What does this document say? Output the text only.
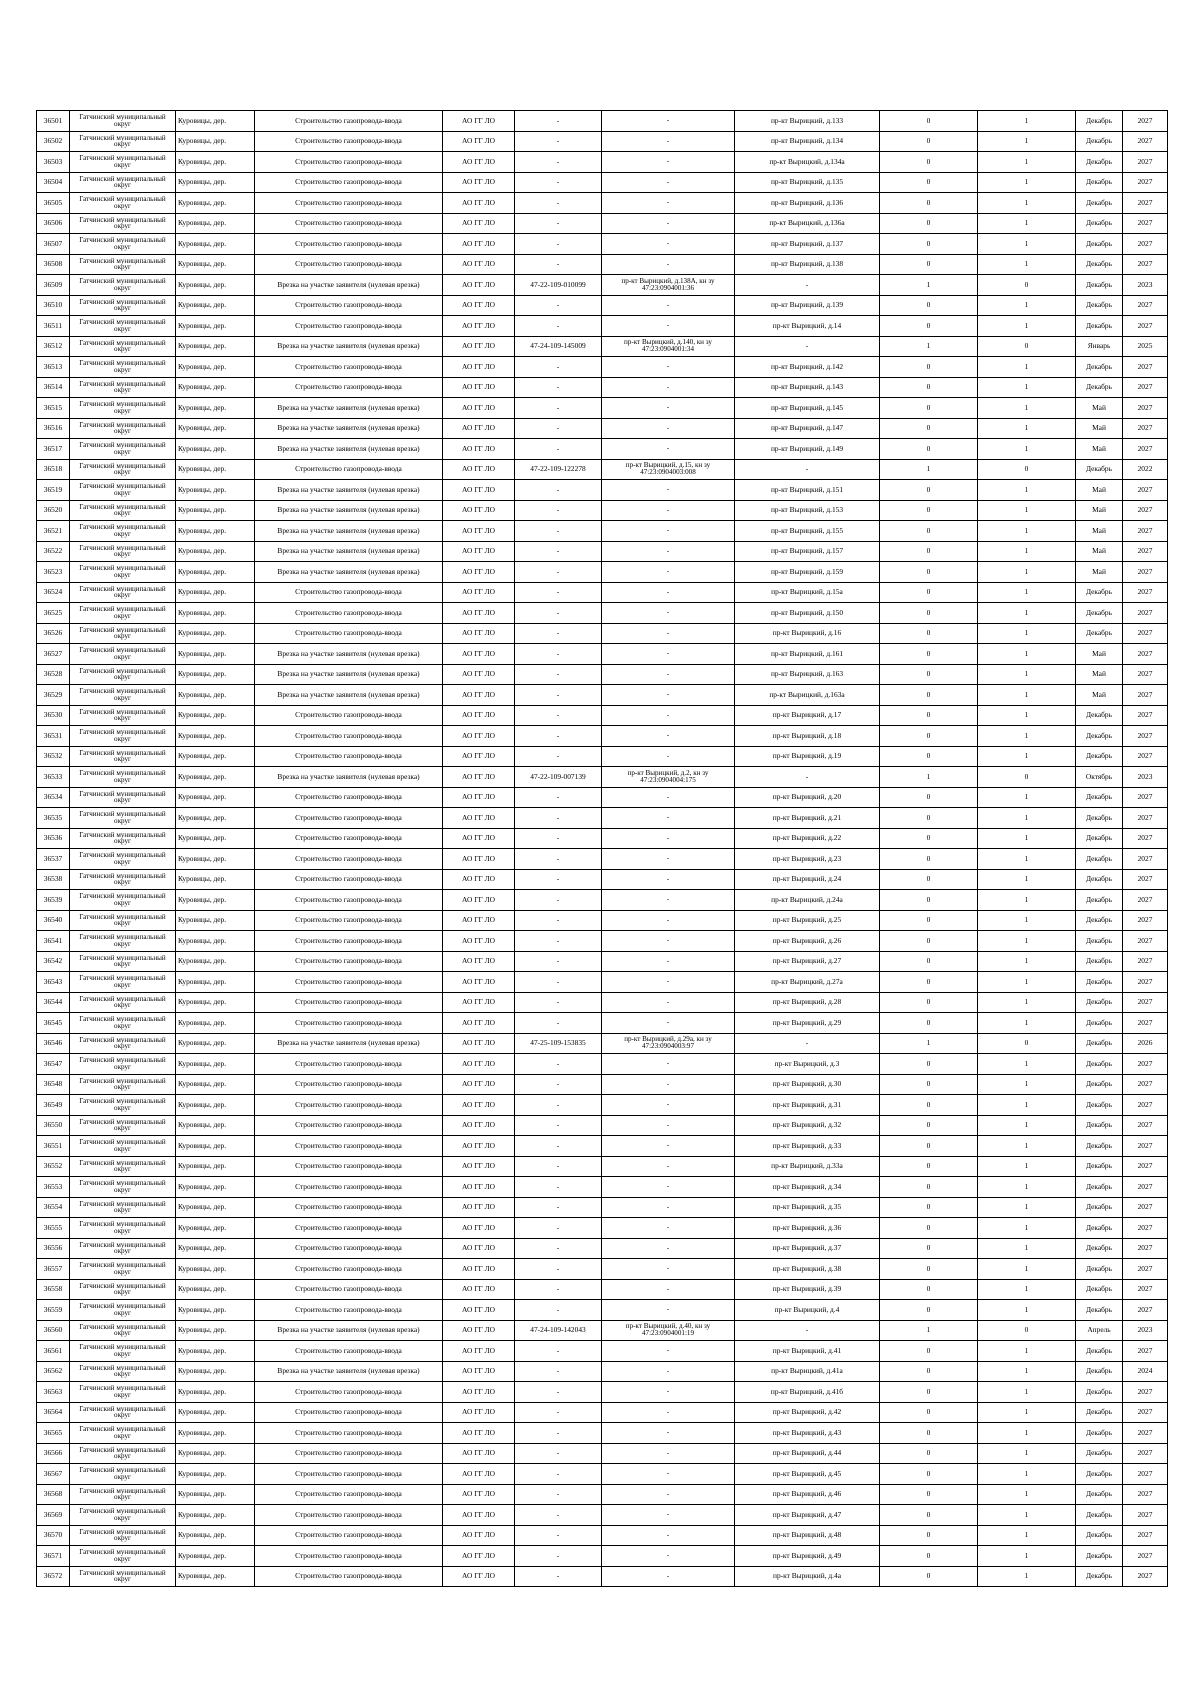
36501	Гатчинский муниципальный округ	Куровицы, дер.	Строительство газопровода-ввода	АО ГГ ЛО	-	-	пр-кт Вырицкий, д.133	0	1	Декабрь	2027
36502	Гатчинский муниципальный округ	Куровицы, дер.	Строительство газопровода-ввода	АО ГГ ЛО	-	-	пр-кт Вырицкий, д.134	0	1	Декабрь	2027
36503	Гатчинский муниципальный округ	Куровицы, дер.	Строительство газопровода-ввода	АО ГГ ЛО	-	-	пр-кт Вырицкий, д.134а	0	1	Декабрь	2027
36504	Гатчинский муниципальный округ	Куровицы, дер.	Строительство газопровода-ввода	АО ГГ ЛО	-	-	пр-кт Вырицкий, д.135	0	1	Декабрь	2027
36505	Гатчинский муниципальный округ	Куровицы, дер.	Строительство газопровода-ввода	АО ГГ ЛО	-	-	пр-кт Вырицкий, д.136	0	1	Декабрь	2027
36506	Гатчинский муниципальный округ	Куровицы, дер.	Строительство газопровода-ввода	АО ГГ ЛО	-	-	пр-кт Вырицкий, д.136а	0	1	Декабрь	2027
36507	Гатчинский муниципальный округ	Куровицы, дер.	Строительство газопровода-ввода	АО ГГ ЛО	-	-	пр-кт Вырицкий, д.137	0	1	Декабрь	2027
36508	Гатчинский муниципальный округ	Куровицы, дер.	Строительство газопровода-ввода	АО ГГ ЛО	-	-	пр-кт Вырицкий, д.138	0	1	Декабрь	2027
36509	Гатчинский муниципальный округ	Куровицы, дер.	Врезка на участке заявителя (нулевая врезка)	АО ГГ ЛО	47-22-109-010099	пр-кт Вырицкий, д.138А, кн зу 47:23:0904001:36	-	1	0	Декабрь	2023
36510	Гатчинский муниципальный округ	Куровицы, дер.	Строительство газопровода-ввода	АО ГГ ЛО	-	-	пр-кт Вырицкий, д.139	0	1	Декабрь	2027
36511	Гатчинский муниципальный округ	Куровицы, дер.	Строительство газопровода-ввода	АО ГГ ЛО	-	-	пр-кт Вырицкий, д.14	0	1	Декабрь	2027
36512	Гатчинский муниципальный округ	Куровицы, дер.	Врезка на участке заявителя (нулевая врезка)	АО ГГ ЛО	47-24-109-145009	пр-кт Вырицкий, д.140, кн зу 47:23:0904001:34	-	1	0	Январь	2025
36513	Гатчинский муниципальный округ	Куровицы, дер.	Строительство газопровода-ввода	АО ГГ ЛО	-	-	пр-кт Вырицкий, д.142	0	1	Декабрь	2027
36514	Гатчинский муниципальный округ	Куровицы, дер.	Строительство газопровода-ввода	АО ГГ ЛО	-	-	пр-кт Вырицкий, д.143	0	1	Декабрь	2027
36515	Гатчинский муниципальный округ	Куровицы, дер.	Врезка на участке заявителя (нулевая врезка)	АО ГГ ЛО	-	-	пр-кт Вырицкий, д.145	0	1	Май	2027
36516	Гатчинский муниципальный округ	Куровицы, дер.	Врезка на участке заявителя (нулевая врезка)	АО ГГ ЛО	-	-	пр-кт Вырицкий, д.147	0	1	Май	2027
36517	Гатчинский муниципальный округ	Куровицы, дер.	Врезка на участке заявителя (нулевая врезка)	АО ГГ ЛО	-	-	пр-кт Вырицкий, д.149	0	1	Май	2027
36518	Гатчинский муниципальный округ	Куровицы, дер.	Строительство газопровода-ввода	АО ГГ ЛО	47-22-109-122278	пр-кт Вырицкий, д.15, кн зу 47:23:0904003:008	-	1	0	Декабрь	2022
36519	Гатчинский муниципальный округ	Куровицы, дер.	Врезка на участке заявителя (нулевая врезка)	АО ГГ ЛО	-	-	пр-кт Вырицкий, д.151	0	1	Май	2027
36520	Гатчинский муниципальный округ	Куровицы, дер.	Врезка на участке заявителя (нулевая врезка)	АО ГГ ЛО	-	-	пр-кт Вырицкий, д.153	0	1	Май	2027
36521	Гатчинский муниципальный округ	Куровицы, дер.	Врезка на участке заявителя (нулевая врезка)	АО ГГ ЛО	-	-	пр-кт Вырицкий, д.155	0	1	Май	2027
36522	Гатчинский муниципальный округ	Куровицы, дер.	Врезка на участке заявителя (нулевая врезка)	АО ГГ ЛО	-	-	пр-кт Вырицкий, д.157	0	1	Май	2027
36523	Гатчинский муниципальный округ	Куровицы, дер.	Врезка на участке заявителя (нулевая врезка)	АО ГГ ЛО	-	-	пр-кт Вырицкий, д.159	0	1	Май	2027
36524	Гатчинский муниципальный округ	Куровицы, дер.	Строительство газопровода-ввода	АО ГГ ЛО	-	-	пр-кт Вырицкий, д.15а	0	1	Декабрь	2027
36525	Гатчинский муниципальный округ	Куровицы, дер.	Строительство газопровода-ввода	АО ГГ ЛО	-	-	пр-кт Вырицкий, д.150	0	1	Декабрь	2027
36526	Гатчинский муниципальный округ	Куровицы, дер.	Строительство газопровода-ввода	АО ГГ ЛО	-	-	пр-кт Вырицкий, д.16	0	1	Декабрь	2027
36527	Гатчинский муниципальный округ	Куровицы, дер.	Врезка на участке заявителя (нулевая врезка)	АО ГГ ЛО	-	-	пр-кт Вырицкий, д.161	0	1	Май	2027
36528	Гатчинский муниципальный округ	Куровицы, дер.	Врезка на участке заявителя (нулевая врезка)	АО ГГ ЛО	-	-	пр-кт Вырицкий, д.163	0	1	Май	2027
36529	Гатчинский муниципальный округ	Куровицы, дер.	Врезка на участке заявителя (нулевая врезка)	АО ГГ ЛО	-	-	пр-кт Вырицкий, д.163а	0	1	Май	2027
36530	Гатчинский муниципальный округ	Куровицы, дер.	Строительство газопровода-ввода	АО ГГ ЛО	-	-	пр-кт Вырицкий, д.17	0	1	Декабрь	2027
36531	Гатчинский муниципальный округ	Куровицы, дер.	Строительство газопровода-ввода	АО ГГ ЛО	-	-	пр-кт Вырицкий, д.18	0	1	Декабрь	2027
36532	Гатчинский муниципальный округ	Куровицы, дер.	Строительство газопровода-ввода	АО ГГ ЛО	-	-	пр-кт Вырицкий, д.19	0	1	Декабрь	2027
36533	Гатчинский муниципальный округ	Куровицы, дер.	Врезка на участке заявителя (нулевая врезка)	АО ГГ ЛО	47-22-109-007139	пр-кт Вырицкий, д.2, кн зу 47:23:0904004:175	-	1	0	Октябрь	2023
36534	Гатчинский муниципальный округ	Куровицы, дер.	Строительство газопровода-ввода	АО ГГ ЛО	-	-	пр-кт Вырицкий, д.20	0	1	Декабрь	2027
36535	Гатчинский муниципальный округ	Куровицы, дер.	Строительство газопровода-ввода	АО ГГ ЛО	-	-	пр-кт Вырицкий, д.21	0	1	Декабрь	2027
36536	Гатчинский муниципальный округ	Куровицы, дер.	Строительство газопровода-ввода	АО ГГ ЛО	-	-	пр-кт Вырицкий, д.22	0	1	Декабрь	2027
36537	Гатчинский муниципальный округ	Куровицы, дер.	Строительство газопровода-ввода	АО ГГ ЛО	-	-	пр-кт Вырицкий, д.23	0	1	Декабрь	2027
36538	Гатчинский муниципальный округ	Куровицы, дер.	Строительство газопровода-ввода	АО ГГ ЛО	-	-	пр-кт Вырицкий, д.24	0	1	Декабрь	2027
36539	Гатчинский муниципальный округ	Куровицы, дер.	Строительство газопровода-ввода	АО ГГ ЛО	-	-	пр-кт Вырицкий, д.24а	0	1	Декабрь	2027
36540	Гатчинский муниципальный округ	Куровицы, дер.	Строительство газопровода-ввода	АО ГГ ЛО	-	-	пр-кт Вырицкий, д.25	0	1	Декабрь	2027
36541	Гатчинский муниципальный округ	Куровицы, дер.	Строительство газопровода-ввода	АО ГГ ЛО	-	-	пр-кт Вырицкий, д.26	0	1	Декабрь	2027
36542	Гатчинский муниципальный округ	Куровицы, дер.	Строительство газопровода-ввода	АО ГГ ЛО	-	-	пр-кт Вырицкий, д.27	0	1	Декабрь	2027
36543	Гатчинский муниципальный округ	Куровицы, дер.	Строительство газопровода-ввода	АО ГГ ЛО	-	-	пр-кт Вырицкий, д.27а	0	1	Декабрь	2027
36544	Гатчинский муниципальный округ	Куровицы, дер.	Строительство газопровода-ввода	АО ГГ ЛО	-	-	пр-кт Вырицкий, д.28	0	1	Декабрь	2027
36545	Гатчинский муниципальный округ	Куровицы, дер.	Строительство газопровода-ввода	АО ГГ ЛО	-	-	пр-кт Вырицкий, д.29	0	1	Декабрь	2027
36546	Гатчинский муниципальный округ	Куровицы, дер.	Врезка на участке заявителя (нулевая врезка)	АО ГГ ЛО	47-25-109-153835	пр-кт Вырицкий, д.29а, кн зу 47:23:0904003:97	-	1	0	Декабрь	2026
36547	Гатчинский муниципальный округ	Куровицы, дер.	Строительство газопровода-ввода	АО ГГ ЛО	-	-	пр-кт Вырицкий, д.3	0	1	Декабрь	2027
36548	Гатчинский муниципальный округ	Куровицы, дер.	Строительство газопровода-ввода	АО ГГ ЛО	-	-	пр-кт Вырицкий, д.30	0	1	Декабрь	2027
36549	Гатчинский муниципальный округ	Куровицы, дер.	Строительство газопровода-ввода	АО ГГ ЛО	-	-	пр-кт Вырицкий, д.31	0	1	Декабрь	2027
36550	Гатчинский муниципальный округ	Куровицы, дер.	Строительство газопровода-ввода	АО ГГ ЛО	-	-	пр-кт Вырицкий, д.32	0	1	Декабрь	2027
36551	Гатчинский муниципальный округ	Куровицы, дер.	Строительство газопровода-ввода	АО ГГ ЛО	-	-	пр-кт Вырицкий, д.33	0	1	Декабрь	2027
36552	Гатчинский муниципальный округ	Куровицы, дер.	Строительство газопровода-ввода	АО ГГ ЛО	-	-	пр-кт Вырицкий, д.33а	0	1	Декабрь	2027
36553	Гатчинский муниципальный округ	Куровицы, дер.	Строительство газопровода-ввода	АО ГГ ЛО	-	-	пр-кт Вырицкий, д.34	0	1	Декабрь	2027
36554	Гатчинский муниципальный округ	Куровицы, дер.	Строительство газопровода-ввода	АО ГГ ЛО	-	-	пр-кт Вырицкий, д.35	0	1	Декабрь	2027
36555	Гатчинский муниципальный округ	Куровицы, дер.	Строительство газопровода-ввода	АО ГГ ЛО	-	-	пр-кт Вырицкий, д.36	0	1	Декабрь	2027
36556	Гатчинский муниципальный округ	Куровицы, дер.	Строительство газопровода-ввода	АО ГГ ЛО	-	-	пр-кт Вырицкий, д.37	0	1	Декабрь	2027
36557	Гатчинский муниципальный округ	Куровицы, дер.	Строительство газопровода-ввода	АО ГГ ЛО	-	-	пр-кт Вырицкий, д.38	0	1	Декабрь	2027
36558	Гатчинский муниципальный округ	Куровицы, дер.	Строительство газопровода-ввода	АО ГГ ЛО	-	-	пр-кт Вырицкий, д.39	0	1	Декабрь	2027
36559	Гатчинский муниципальный округ	Куровицы, дер.	Строительство газопровода-ввода	АО ГГ ЛО	-	-	пр-кт Вырицкий, д.4	0	1	Декабрь	2027
36560	Гатчинский муниципальный округ	Куровицы, дер.	Врезка на участке заявителя (нулевая врезка)	АО ГГ ЛО	47-24-109-142043	пр-кт Вырицкий, д.40, кн зу 47:23:0904001:19	-	1	0	Апрель	2023
36561	Гатчинский муниципальный округ	Куровицы, дер.	Строительство газопровода-ввода	АО ГГ ЛО	-	-	пр-кт Вырицкий, д.41	0	1	Декабрь	2027
36562	Гатчинский муниципальный округ	Куровицы, дер.	Врезка на участке заявителя (нулевая врезка)	АО ГГ ЛО	-	-	пр-кт Вырицкий, д.41а	0	1	Декабрь	2024
36563	Гатчинский муниципальный округ	Куровицы, дер.	Строительство газопровода-ввода	АО ГГ ЛО	-	-	пр-кт Вырицкий, д.41б	0	1	Декабрь	2027
36564	Гатчинский муниципальный округ	Куровицы, дер.	Строительство газопровода-ввода	АО ГГ ЛО	-	-	пр-кт Вырицкий, д.42	0	1	Декабрь	2027
36565	Гатчинский муниципальный округ	Куровицы, дер.	Строительство газопровода-ввода	АО ГГ ЛО	-	-	пр-кт Вырицкий, д.43	0	1	Декабрь	2027
36566	Гатчинский муниципальный округ	Куровицы, дер.	Строительство газопровода-ввода	АО ГГ ЛО	-	-	пр-кт Вырицкий, д.44	0	1	Декабрь	2027
36567	Гатчинский муниципальный округ	Куровицы, дер.	Строительство газопровода-ввода	АО ГГ ЛО	-	-	пр-кт Вырицкий, д.45	0	1	Декабрь	2027
36568	Гатчинский муниципальный округ	Куровицы, дер.	Строительство газопровода-ввода	АО ГГ ЛО	-	-	пр-кт Вырицкий, д.46	0	1	Декабрь	2027
36569	Гатчинский муниципальный округ	Куровицы, дер.	Строительство газопровода-ввода	АО ГГ ЛО	-	-	пр-кт Вырицкий, д.47	0	1	Декабрь	2027
36570	Гатчинский муниципальный округ	Куровицы, дер.	Строительство газопровода-ввода	АО ГГ ЛО	-	-	пр-кт Вырицкий, д.48	0	1	Декабрь	2027
36571	Гатчинский муниципальный округ	Куровицы, дер.	Строительство газопровода-ввода	АО ГГ ЛО	-	-	пр-кт Вырицкий, д.49	0	1	Декабрь	2027
36572	Гатчинский муниципальный округ	Куровицы, дер.	Строительство газопровода-ввода	АО ГГ ЛО	-	-	пр-кт Вырицкий, д.4а	0	1	Декабрь	2027
